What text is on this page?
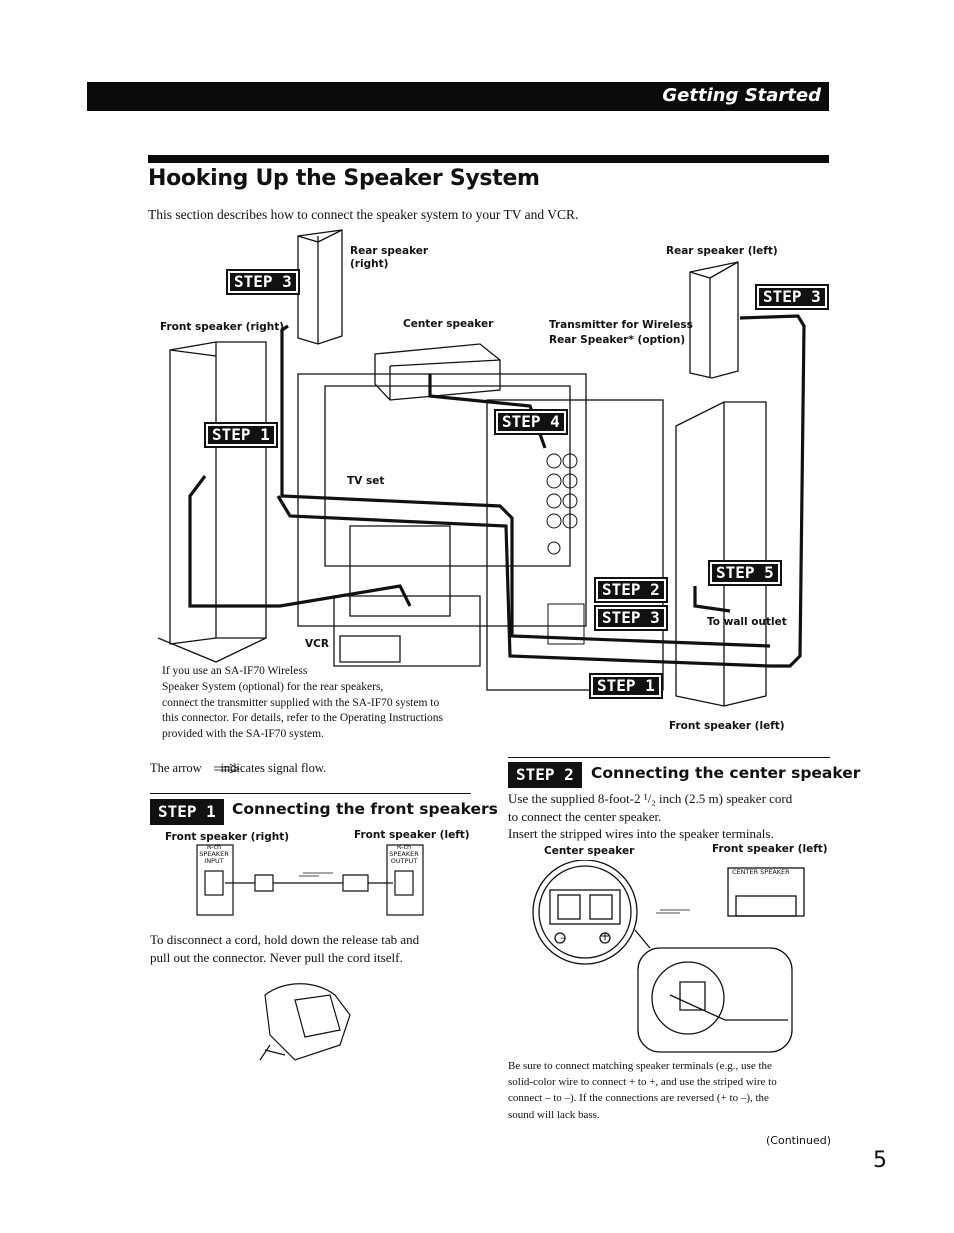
Getting Started
Hooking Up the Speaker System
This section describes how to connect the speaker system to your TV and VCR.
Rear speaker
(right)
Rear speaker (left)
Front speaker (right)	Center speaker	Transmitter for Wireless
Rear Speaker* (option)
TV set
VCR
To wall outlet
Front speaker (left)
STEP 3
STEP 3
STEP 1
STEP 4
STEP 5
STEP 2
STEP 3
STEP 1
If you use an SA-IF70 Wireless
Speaker System (optional) for the rear speakers,
connect the transmitter supplied with the SA-IF70 system to
this connector. For details, refer to the Operating Instructions
provided with the SA-IF70 system.
The arrow      indicates signal flow.
STEP 1	Connecting the front speakers
Front speaker (right)	Front speaker (left)
R-ch
SPEAKER
INPUT
R-ch
SPEAKER
OUTPUT
To disconnect a cord, hold down the release tab and
pull out the connector. Never pull the cord itself.
STEP 2	Connecting the center speaker
Use the supplied 8-foot-2 ¹/₂ inch (2.5 m) speaker cord
to connect the center speaker.
Insert the stripped wires into the speaker terminals.
Center speaker	Front speaker (left)
CENTER SPEAKER
–	+
Be sure to connect matching speaker terminals (e.g., use the
solid-color wire to connect + to +, and use the striped wire to
connect – to –). If the connections are reversed (+ to –), the
sound will lack bass.
(Continued)
5
